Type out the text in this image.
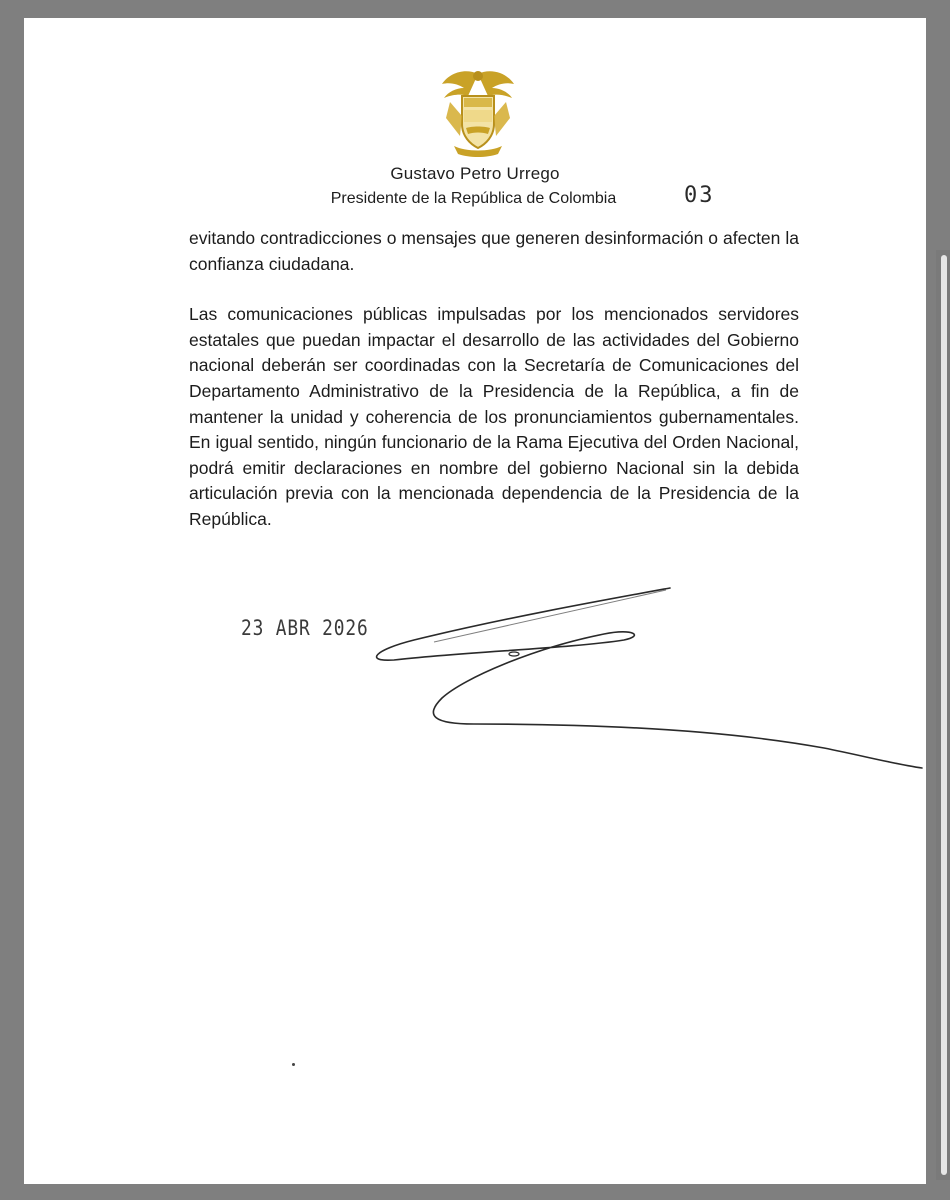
Gustavo Petro Urrego
Presidente de la República de Colombia	03

evitando contradicciones o mensajes que generen desinformación o afecten la confianza ciudadana.

Las comunicaciones públicas impulsadas por los mencionados servidores estatales que puedan impactar el desarrollo de las actividades del Gobierno nacional deberán ser coordinadas con la Secretaría de Comunicaciones del Departamento Administrativo de la Presidencia de la República, a fin de mantener la unidad y coherencia de los pronunciamientos gubernamentales. En igual sentido, ningún funcionario de la Rama Ejecutiva del Orden Nacional, podrá emitir declaraciones en nombre del gobierno Nacional sin la debida articulación previa con la mencionada dependencia de la Presidencia de la República.

23 ABR 2026
